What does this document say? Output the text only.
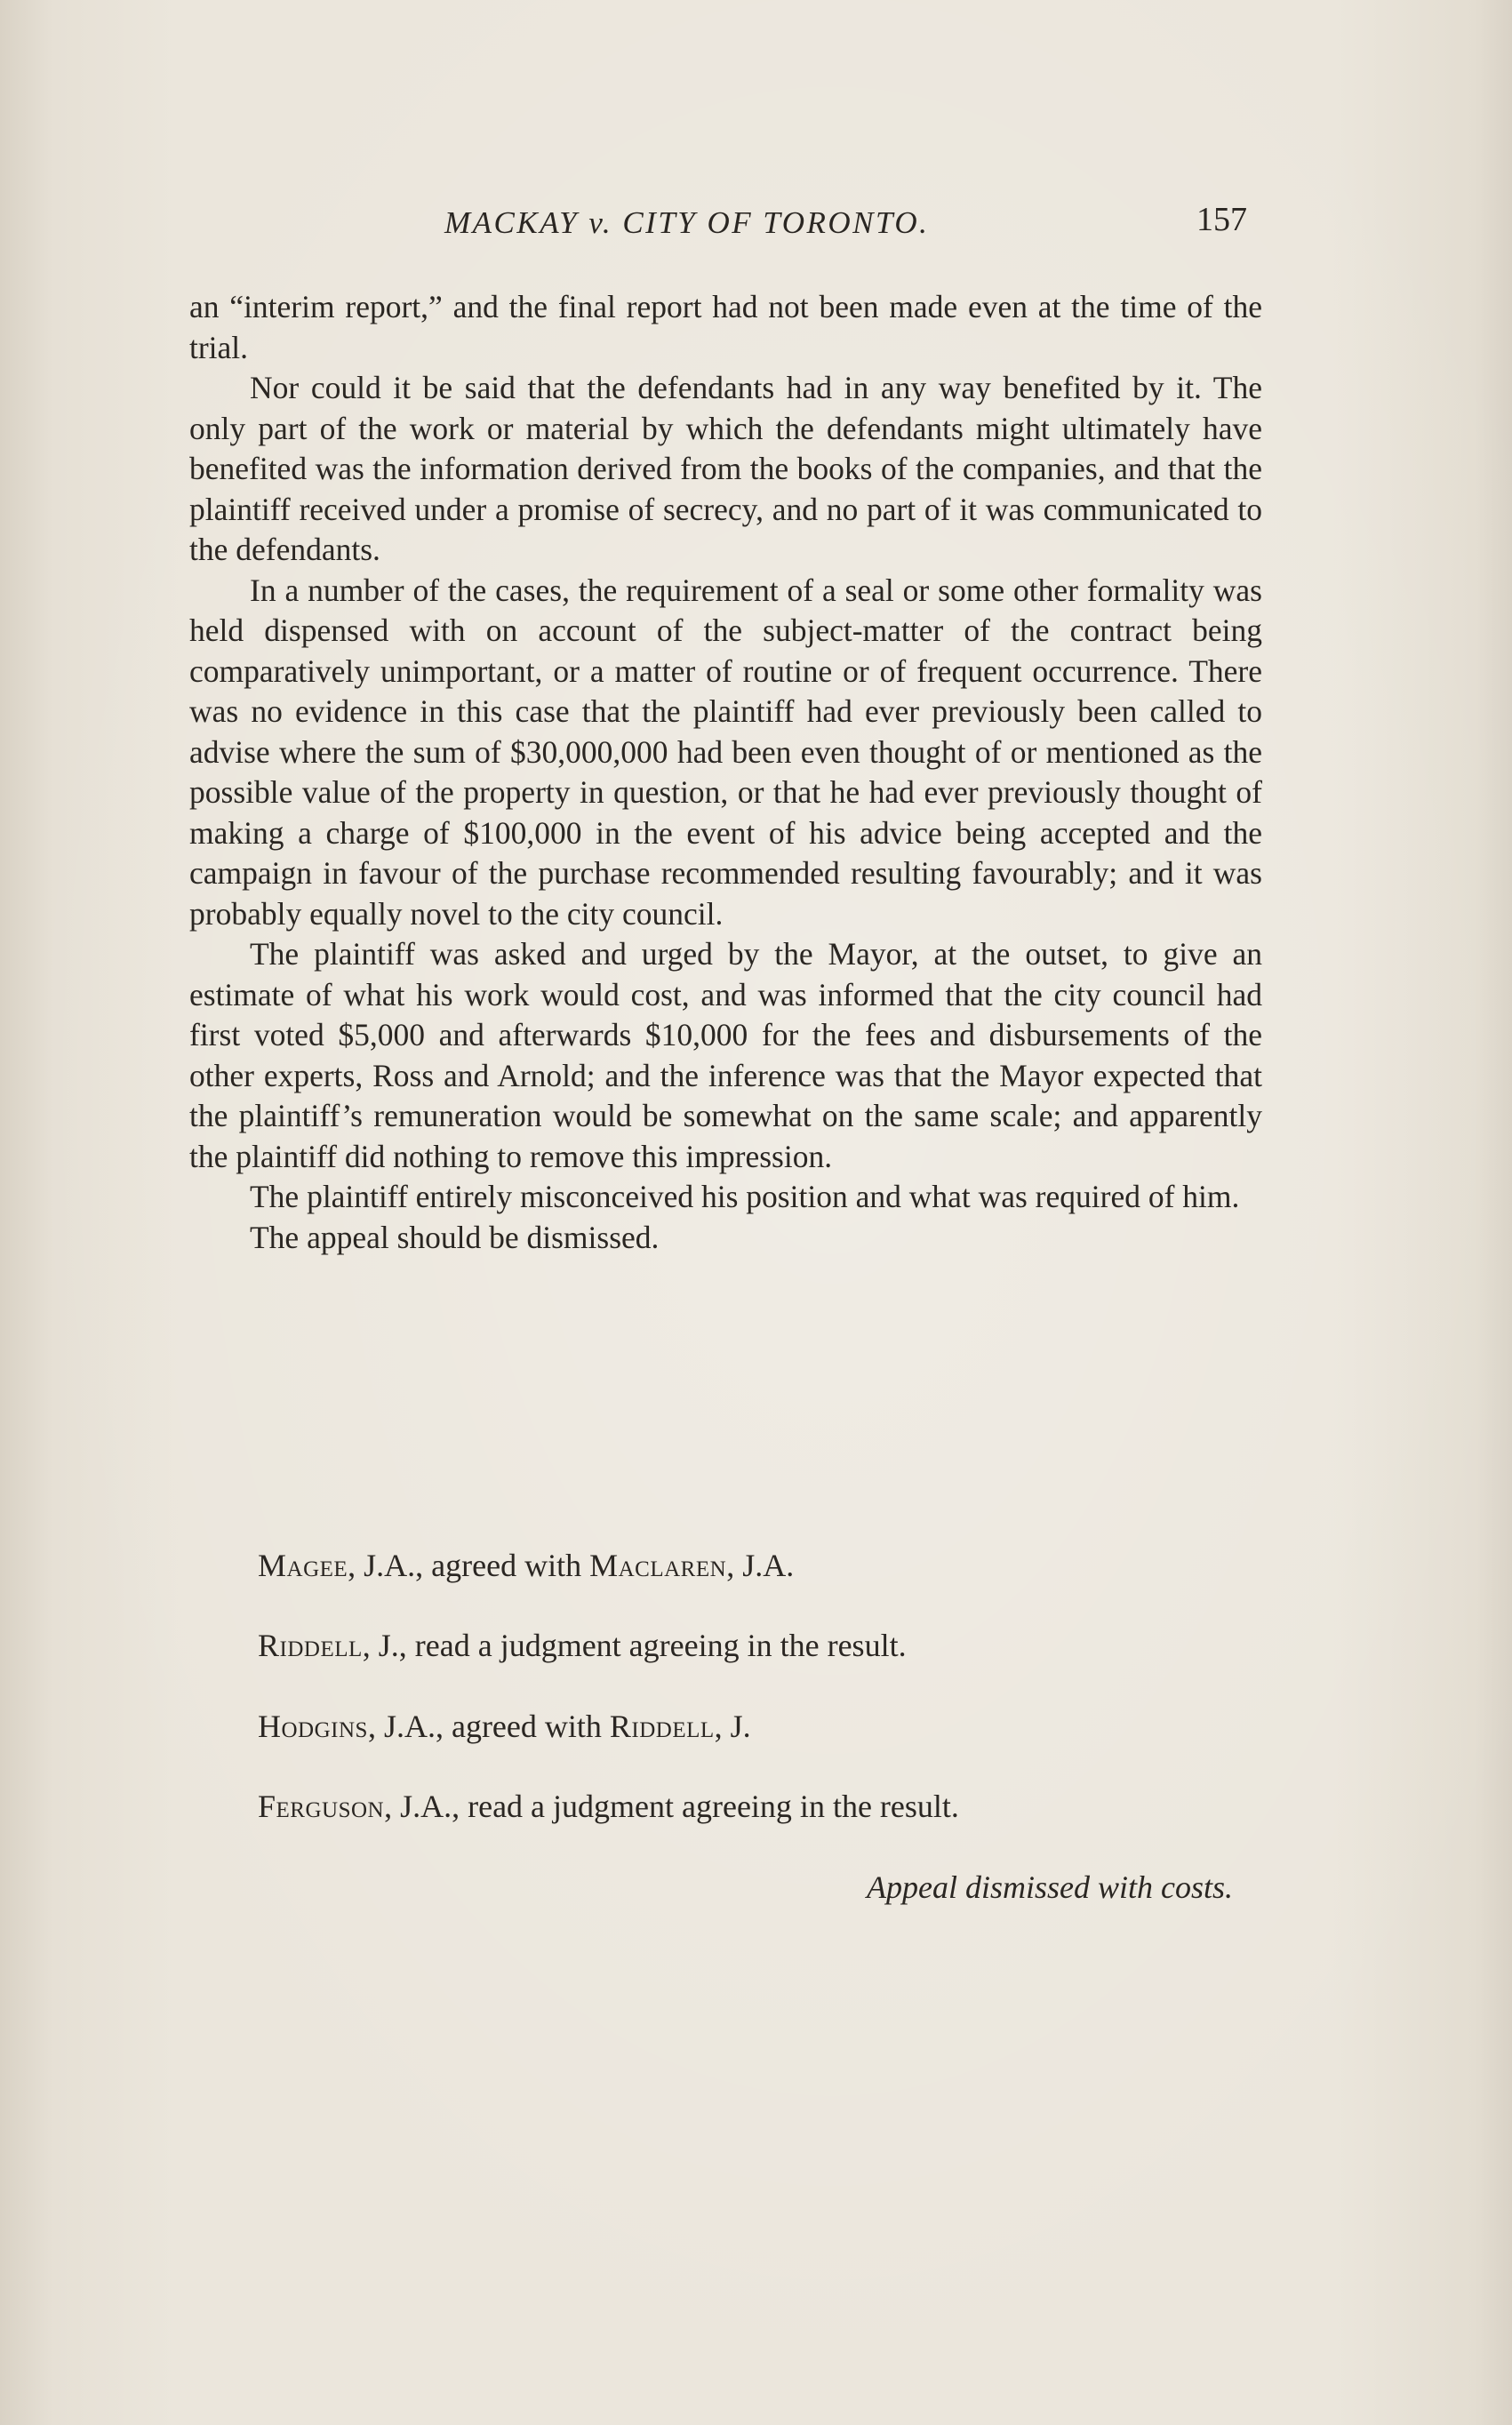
MACKAY v. CITY OF TORONTO.	157

an “interim report,” and the final report had not been made even at the time of the trial.

Nor could it be said that the defendants had in any way benefited by it. The only part of the work or material by which the defendants might ultimately have benefited was the information derived from the books of the companies, and that the plaintiff received under a promise of secrecy, and no part of it was communicated to the defendants.

In a number of the cases, the requirement of a seal or some other formality was held dispensed with on account of the subject-matter of the contract being comparatively unimportant, or a matter of routine or of frequent occurrence. There was no evidence in this case that the plaintiff had ever previously been called to advise where the sum of $30,000,000 had been even thought of or mentioned as the possible value of the property in question, or that he had ever previously thought of making a charge of $100,000 in the event of his advice being accepted and the campaign in favour of the purchase recommended resulting favourably; and it was probably equally novel to the city council.

The plaintiff was asked and urged by the Mayor, at the outset, to give an estimate of what his work would cost, and was informed that the city council had first voted $5,000 and afterwards $10,000 for the fees and disbursements of the other experts, Ross and Arnold; and the inference was that the Mayor expected that the plaintiff’s remuneration would be somewhat on the same scale; and apparently the plaintiff did nothing to remove this impression.

The plaintiff entirely misconceived his position and what was required of him.

The appeal should be dismissed.

Magee, J.A., agreed with Maclaren, J.A.
Riddell, J., read a judgment agreeing in the result.
Hodgins, J.A., agreed with Riddell, J.
Ferguson, J.A., read a judgment agreeing in the result.
Appeal dismissed with costs.
